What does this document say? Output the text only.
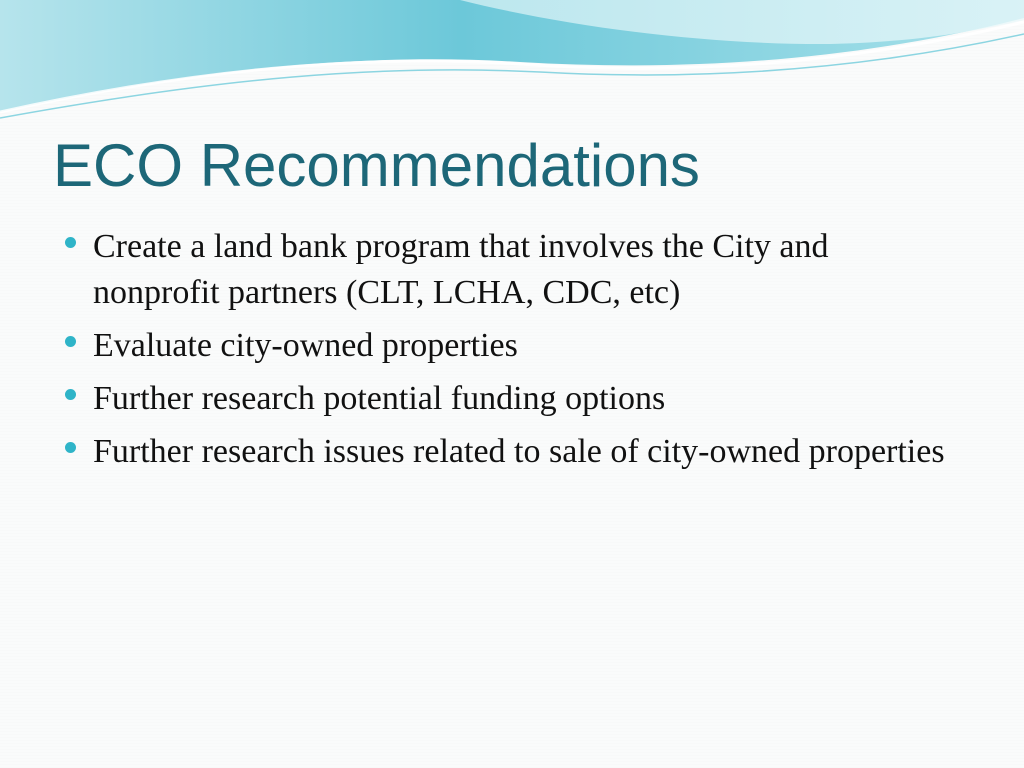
ECO Recommendations
Create a land bank program that involves the City and nonprofit partners (CLT, LCHA, CDC, etc)
Evaluate city-owned properties
Further research potential funding options
Further research issues related to sale of city-owned properties
